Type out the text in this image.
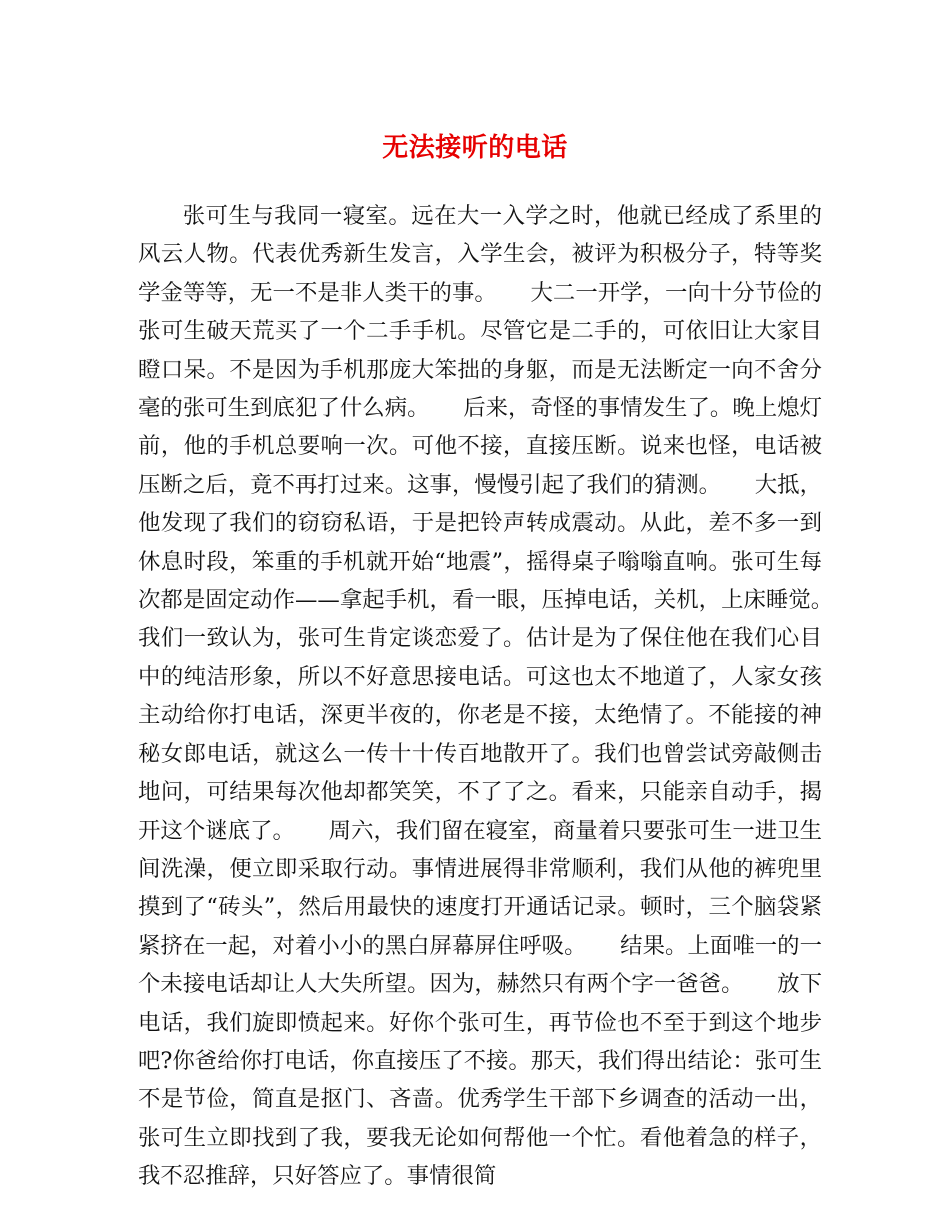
无法接听的电话

张可生与我同一寝室。远在大一入学之时，他就已经成了系里的风云人物。代表优秀新生发言，入学生会，被评为积极分子，特等奖学金等等，无一不是非人类干的事。　　大二一开学，一向十分节俭的张可生破天荒买了一个二手手机。尽管它是二手的，可依旧让大家目瞪口呆。不是因为手机那庞大笨拙的身躯，而是无法断定一向不舍分毫的张可生到底犯了什么病。　　后来，奇怪的事情发生了。晚上熄灯前，他的手机总要响一次。可他不接，直接压断。说来也怪，电话被压断之后，竟不再打过来。这事，慢慢引起了我们的猜测。　　大抵，他发现了我们的窃窃私语，于是把铃声转成震动。从此，差不多一到休息时段，笨重的手机就开始“地震”，摇得桌子嗡嗡直响。张可生每次都是固定动作——拿起手机，看一眼，压掉电话，关机，上床睡觉。　　我们一致认为，张可生肯定谈恋爱了。估计是为了保住他在我们心目中的纯洁形象，所以不好意思接电话。可这也太不地道了，人家女孩主动给你打电话，深更半夜的，你老是不接，太绝情了。不能接的神秘女郎电话，就这么一传十十传百地散开了。我们也曾尝试旁敲侧击地问，可结果每次他却都笑笑，不了了之。看来，只能亲自动手，揭开这个谜底了。　　周六，我们留在寝室，商量着只要张可生一进卫生间洗澡，便立即采取行动。事情进展得非常顺利，我们从他的裤兜里摸到了“砖头”，然后用最快的速度打开通话记录。顿时，三个脑袋紧紧挤在一起，对着小小的黑白屏幕屏住呼吸。　　结果。上面唯一的一个未接电话却让人大失所望。因为，赫然只有两个字一爸爸。　　放下电话，我们旋即愤起来。好你个张可生，再节俭也不至于到这个地步吧?你爸给你打电话，你直接压了不接。那天，我们得出结论：张可生不是节俭，简直是抠门、吝啬。优秀学生干部下乡调查的活动一出，张可生立即找到了我，要我无论如何帮他一个忙。看他着急的样子，我不忍推辞，只好答应了。事情很简
